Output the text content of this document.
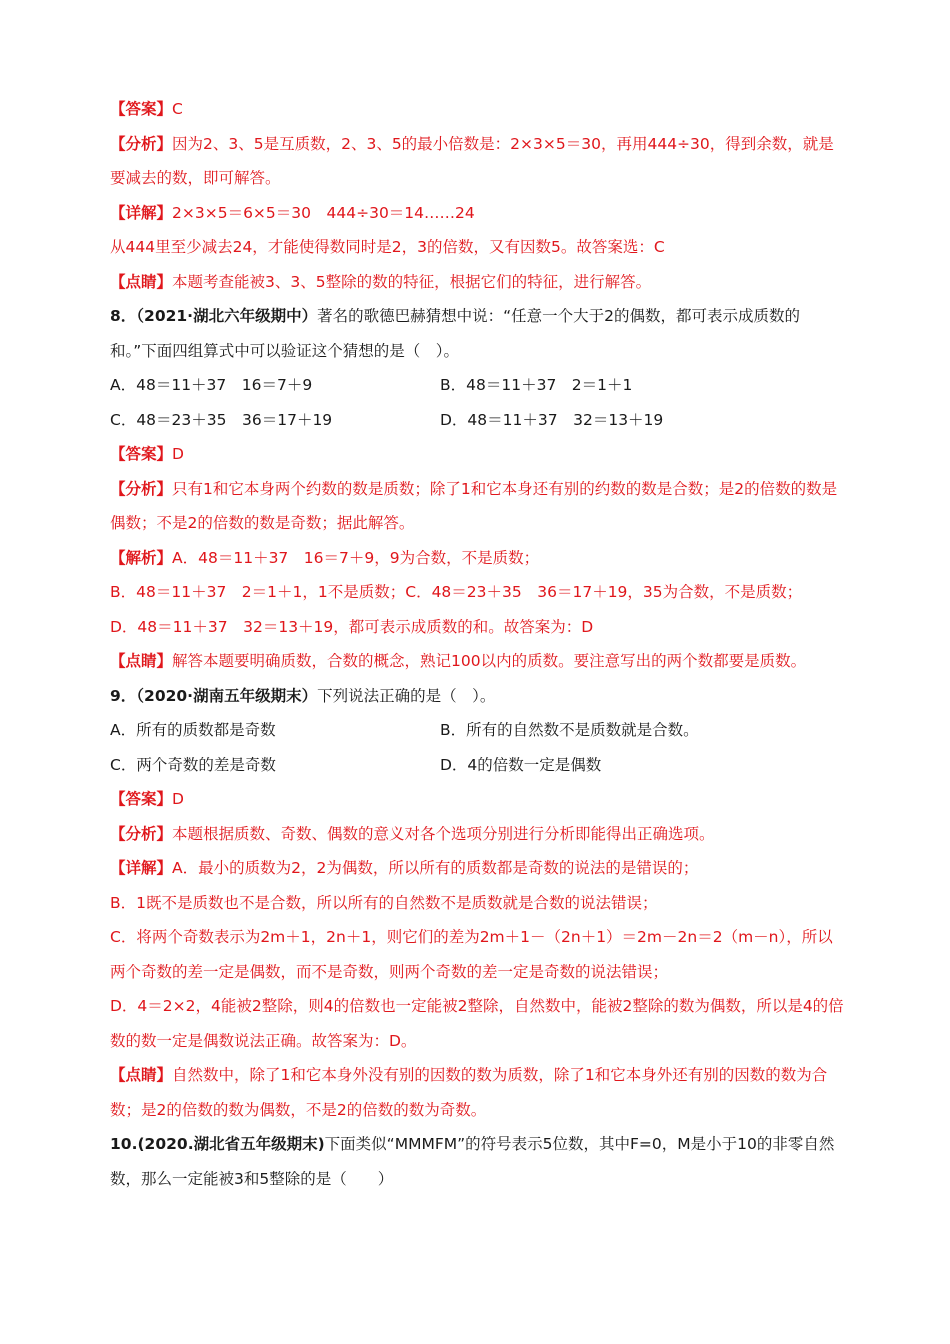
【答案】C
【分析】因为2、3、5是互质数，2、3、5的最小倍数是：2×3×5＝30，再用444÷30，得到余数，就是要减去的数，即可解答。
【详解】2×3×5＝6×5＝30　444÷30＝14……24
从444里至少减去24，才能使得数同时是2，3的倍数，又有因数5。故答案选：C
【点睛】本题考查能被3、3、5整除的数的特征，根据它们的特征，进行解答。
8．（2021·湖北六年级期中）著名的歌德巴赫猜想中说：“任意一个大于2的偶数，都可表示成质数的和。”下面四组算式中可以验证这个猜想的是（　）。
A．48＝11＋37　16＝7＋9	B．48＝11＋37　2＝1＋1
C．48＝23＋35　36＝17＋19	D．48＝11＋37　32＝13＋19
【答案】D
【分析】只有1和它本身两个约数的数是质数；除了1和它本身还有别的约数的数是合数；是2的倍数的数是偶数；不是2的倍数的数是奇数；据此解答。
【解析】A．48＝11＋37　16＝7＋9，9为合数，不是质数；
B．48＝11＋37　2＝1＋1，1不是质数；C．48＝23＋35　36＝17＋19，35为合数，不是质数；
D．48＝11＋37　32＝13＋19，都可表示成质数的和。故答案为：D
【点睛】解答本题要明确质数，合数的概念，熟记100以内的质数。要注意写出的两个数都要是质数。
9．（2020·湖南五年级期末）下列说法正确的是（　）。
A．所有的质数都是奇数	B．所有的自然数不是质数就是合数。
C．两个奇数的差是奇数	D．4的倍数一定是偶数
【答案】D
【分析】本题根据质数、奇数、偶数的意义对各个选项分别进行分析即能得出正确选项。
【详解】A．最小的质数为2，2为偶数，所以所有的质数都是奇数的说法的是错误的；
B．1既不是质数也不是合数，所以所有的自然数不是质数就是合数的说法错误；
C．将两个奇数表示为2m＋1，2n＋1，则它们的差为2m＋1－（2n＋1）＝2m－2n＝2（m－n），所以两个奇数的差一定是偶数，而不是奇数，则两个奇数的差一定是奇数的说法错误；
D．4＝2×2，4能被2整除，则4的倍数也一定能被2整除，自然数中，能被2整除的数为偶数，所以是4的倍数的数一定是偶数说法正确。故答案为：D。
【点睛】自然数中，除了1和它本身外没有别的因数的数为质数，除了1和它本身外还有别的因数的数为合数；是2的倍数的数为偶数，不是2的倍数的数为奇数。
10.(2020.湖北省五年级期末)下面类似“MMMFM”的符号表示5位数，其中F=0，M是小于10的非零自然数，那么一定能被3和5整除的是（　　）
